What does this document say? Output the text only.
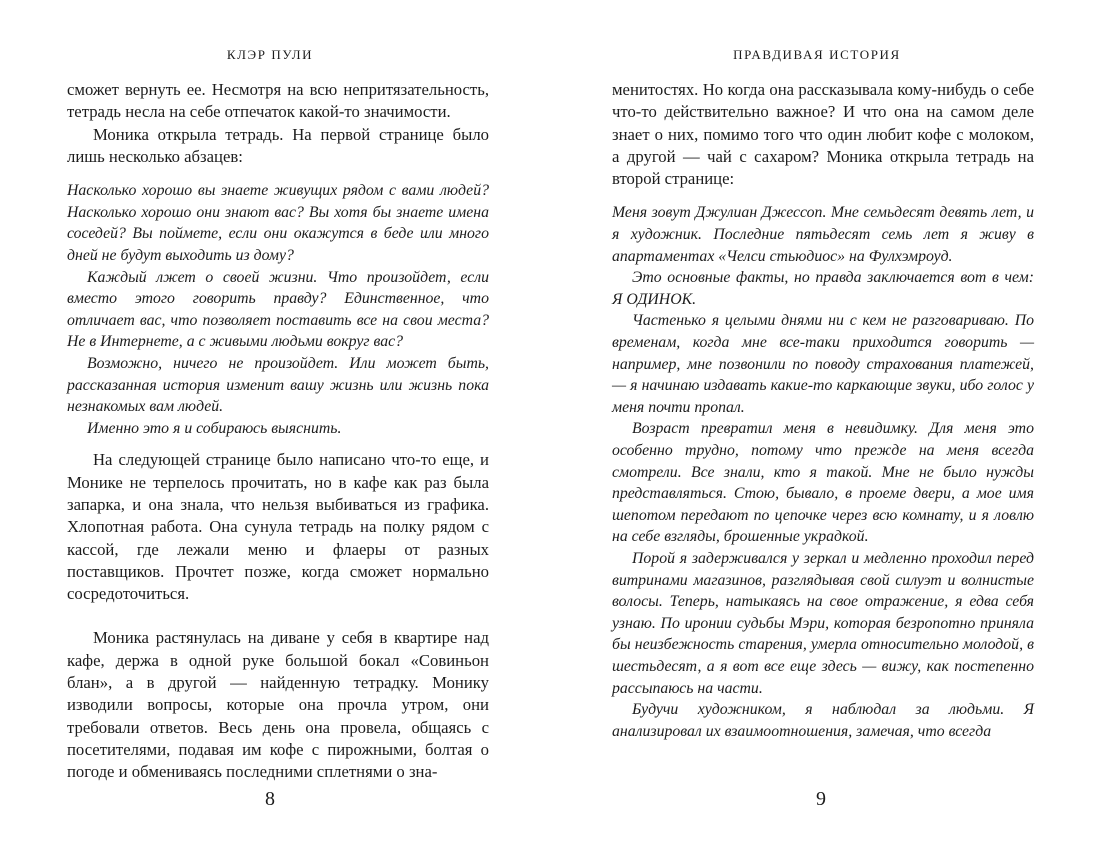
КЛЭР ПУЛИ

сможет вернуть ее. Несмотря на всю непритязательность, тетрадь несла на себе отпечаток какой-то значимости.

Моника открыла тетрадь. На первой странице было лишь несколько абзацев:

Насколько хорошо вы знаете живущих рядом с вами людей? Насколько хорошо они знают вас? Вы хотя бы знаете имена соседей? Вы поймете, если они окажутся в беде или много дней не будут выходить из дому?

Каждый лжет о своей жизни. Что произойдет, если вместо этого говорить правду? Единственное, что отличает вас, что позволяет поставить все на свои места? Не в Интернете, а с живыми людьми вокруг вас?

Возможно, ничего не произойдет. Или может быть, рассказанная история изменит вашу жизнь или жизнь пока незнакомых вам людей.

Именно это я и собираюсь выяснить.

На следующей странице было написано что-то еще, и Монике не терпелось прочитать, но в кафе как раз была запарка, и она знала, что нельзя выбиваться из графика. Хлопотная работа. Она сунула тетрадь на полку рядом с кассой, где лежали меню и флаеры от разных поставщиков. Прочтет позже, когда сможет нормально сосредоточиться.

Моника растянулась на диване у себя в квартире над кафе, держа в одной руке большой бокал «Совиньон блан», а в другой — найденную тетрадку. Монику изводили вопросы, которые она прочла утром, они требовали ответов. Весь день она провела, общаясь с посетителями, подавая им кофе с пирожными, болтая о погоде и обмениваясь последними сплетнями о зна-

8
ПРАВДИВАЯ ИСТОРИЯ

менитостях. Но когда она рассказывала кому-нибудь о себе что-то действительно важное? И что она на самом деле знает о них, помимо того что один любит кофе с молоком, а другой — чай с сахаром? Моника открыла тетрадь на второй странице:

Меня зовут Джулиан Джессоп. Мне семьдесят девять лет, и я художник. Последние пятьдесят семь лет я живу в апартаментах «Челси стьюдиос» на Фулхэмроуд.

Это основные факты, но правда заключается вот в чем: Я ОДИНОК.

Частенько я целыми днями ни с кем не разговариваю. По временам, когда мне все-таки приходится говорить — например, мне позвонили по поводу страхования платежей, — я начинаю издавать какие-то каркающие звуки, ибо голос у меня почти пропал.

Возраст превратил меня в невидимку. Для меня это особенно трудно, потому что прежде на меня всегда смотрели. Все знали, кто я такой. Мне не было нужды представляться. Стою, бывало, в проеме двери, а мое имя шепотом передают по цепочке через всю комнату, и я ловлю на себе взгляды, брошенные украдкой.

Порой я задерживался у зеркал и медленно проходил перед витринами магазинов, разглядывая свой силуэт и волнистые волосы. Теперь, натыкаясь на свое отражение, я едва себя узнаю. По иронии судьбы Мэри, которая безропотно приняла бы неизбежность старения, умерла относительно молодой, в шестьдесят, а я вот все еще здесь — вижу, как постепенно рассыпаюсь на части.

Будучи художником, я наблюдал за людьми. Я анализировал их взаимоотношения, замечая, что всегда

9
